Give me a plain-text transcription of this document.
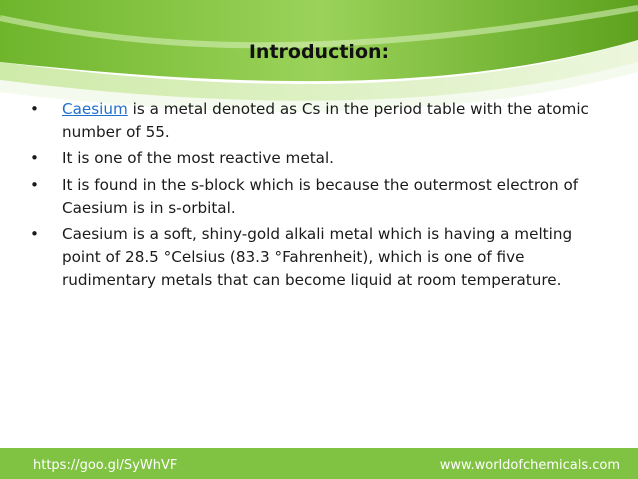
Introduction:
• Caesium is a metal denoted as Cs in the period table with the atomic number of 55.
• It is one of the most reactive metal.
• It is found in the s-block which is because the outermost electron of Caesium is in s-orbital.
• Caesium is a soft, shiny-gold alkali metal which is having a melting point of 28.5 °Celsius (83.3 °Fahrenheit), which is one of five rudimentary metals that can become liquid at room temperature.
https://goo.gl/SyWhVF	www.worldofchemicals.com
